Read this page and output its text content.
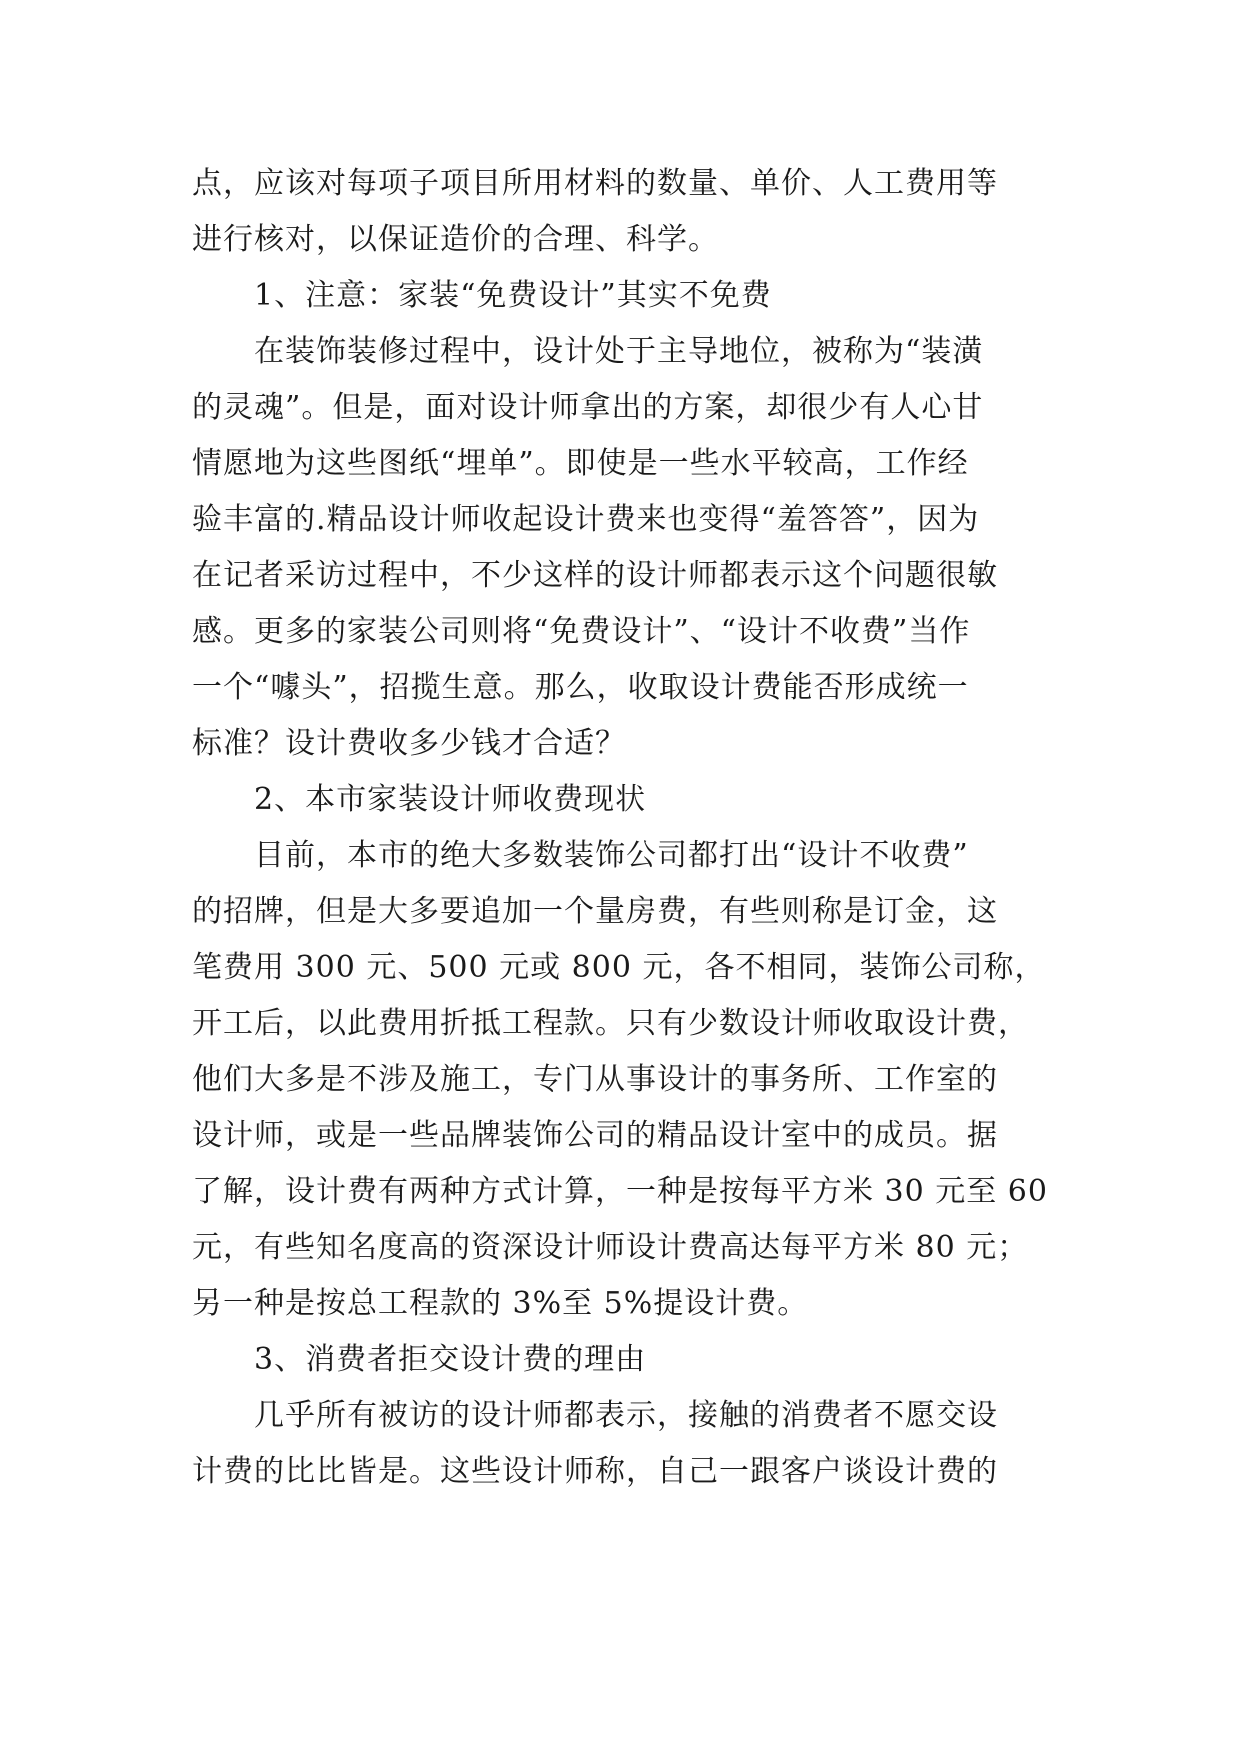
点，应该对每项子项目所用材料的数量、单价、人工费用等
进行核对，以保证造价的合理、科学。

1、注意：家装“免费设计”其实不免费

在装饰装修过程中，设计处于主导地位，被称为“装潢
的灵魂”。但是，面对设计师拿出的方案，却很少有人心甘
情愿地为这些图纸“埋单”。即使是一些水平较高，工作经
验丰富的.精品设计师收起设计费来也变得“羞答答”，因为
在记者采访过程中，不少这样的设计师都表示这个问题很敏
感。更多的家装公司则将“免费设计”、“设计不收费”当作
一个“噱头”，招揽生意。那么，收取设计费能否形成统一
标准？设计费收多少钱才合适？

2、本市家装设计师收费现状

目前，本市的绝大多数装饰公司都打出“设计不收费”
的招牌，但是大多要追加一个量房费，有些则称是订金，这
笔费用 300 元、500 元或 800 元，各不相同，装饰公司称，
开工后，以此费用折抵工程款。只有少数设计师收取设计费，
他们大多是不涉及施工，专门从事设计的事务所、工作室的
设计师，或是一些品牌装饰公司的精品设计室中的成员。据
了解，设计费有两种方式计算，一种是按每平方米 30 元至 60
元，有些知名度高的资深设计师设计费高达每平方米 80 元；
另一种是按总工程款的 3%至 5%提设计费。

3、消费者拒交设计费的理由

几乎所有被访的设计师都表示，接触的消费者不愿交设
计费的比比皆是。这些设计师称，自己一跟客户谈设计费的
